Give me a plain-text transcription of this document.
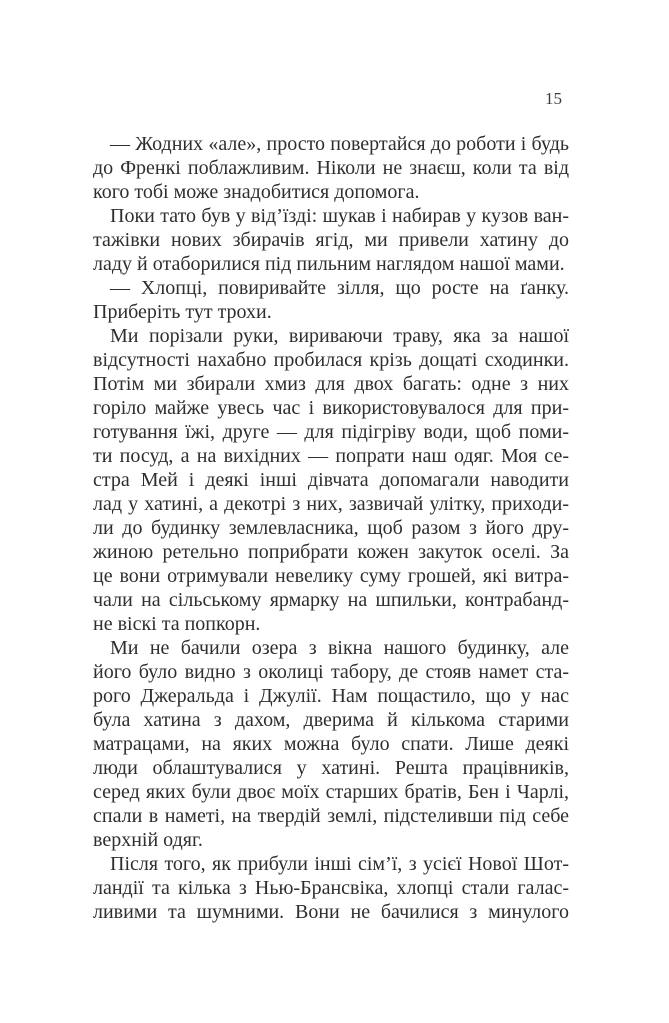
15
— Жодних «але», просто повертайся до роботи і будь
до Френкі поблажливим. Ніколи не знаєш, коли та від
кого тобі може знадобитися допомога.
Поки тато був у від’їзді: шукав і набирав у кузов ван-
тажівки нових збирачів ягід, ми привели хатину до
ладу й отаборилися під пильним наглядом нашої мами.
— Хлопці, повиривайте зілля, що росте на ґанку.
Приберіть тут трохи.
Ми порізали руки, вириваючи траву, яка за нашої
відсутності нахабно пробилася крізь дощаті сходинки.
Потім ми збирали хмиз для двох багать: одне з них
горіло майже увесь час і використовувалося для при-
готування їжі, друге — для підігріву води, щоб поми-
ти посуд, а на вихідних — попрати наш одяг. Моя се-
стра Мей і деякі інші дівчата допомагали наводити
лад у хатині, а декотрі з них, зазвичай улітку, приходи-
ли до будинку землевласника, щоб разом з його дру-
жиною ретельно поприбрати кожен закуток оселі. За
це вони отримували невелику суму грошей, які витра-
чали на сільському ярмарку на шпильки, контрабанд-
не віскі та попкорн.
Ми не бачили озера з вікна нашого будинку, але
його було видно з околиці табору, де стояв намет ста-
рого Джеральда і Джулії. Нам пощастило, що у нас
була хатина з дахом, дверима й кількома старими
матрацами, на яких можна було спати. Лише деякі
люди облаштувалися у хатині. Решта працівників,
серед яких були двоє моїх старших братів, Бен і Чарлі,
спали в наметі, на твердій землі, підстеливши під себе
верхній одяг.
Після того, як прибули інші сім’ї, з усієї Нової Шот-
ландії та кілька з Нью-Брансвіка, хлопці стали галас-
ливими та шумними. Вони не бачилися з минулого
